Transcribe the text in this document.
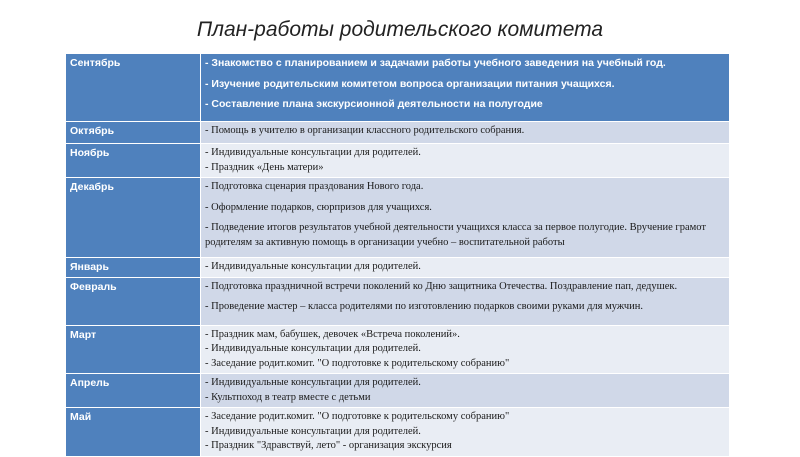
План-работы родительского комитета
Сентябрь	- Знакомство с планированием и задачами работы учебного заведения на учебный год.
- Изучение родительским комитетом вопроса организации питания учащихся.
- Составление плана экскурсионной деятельности на полугодие

Октябрь	- Помощь в учителю в организации классного родительского собрания.

Ноябрь	- Индивидуальные консультации для родителей.
- Праздник «День матери»

Декабрь	- Подготовка сценария праздования Нового года.
- Оформление подарков, сюрпризов для учащихся.
- Подведение итогов результатов учебной деятельности учащихся класса за первое полугодие. Вручение грамот родителям за активную помощь в организации учебно – воспитательной работы

Январь	- Индивидуальные консультации для родителей.

Февраль	- Подготовка праздничной встречи поколений ко Дню защитника Отечества. Поздравление пап, дедушек.
- Проведение мастер – класса родителями по изготовлению подарков своими руками для мужчин.

Март	- Праздник мам, бабушек, девочек «Встреча поколений».
- Индивидуальные консультации для родителей.
- Заседание родит.комит. "О подготовке к родительскому собранию"

Апрель	- Индивидуальные консультации для родителей.
- Культпоход в театр вместе с детьми

Май	- Заседание родит.комит. "О подготовке к родительскому собранию"
- Индивидуальные консультации для родителей.
- Праздник "Здравствуй, лето" - организация экскурсия
